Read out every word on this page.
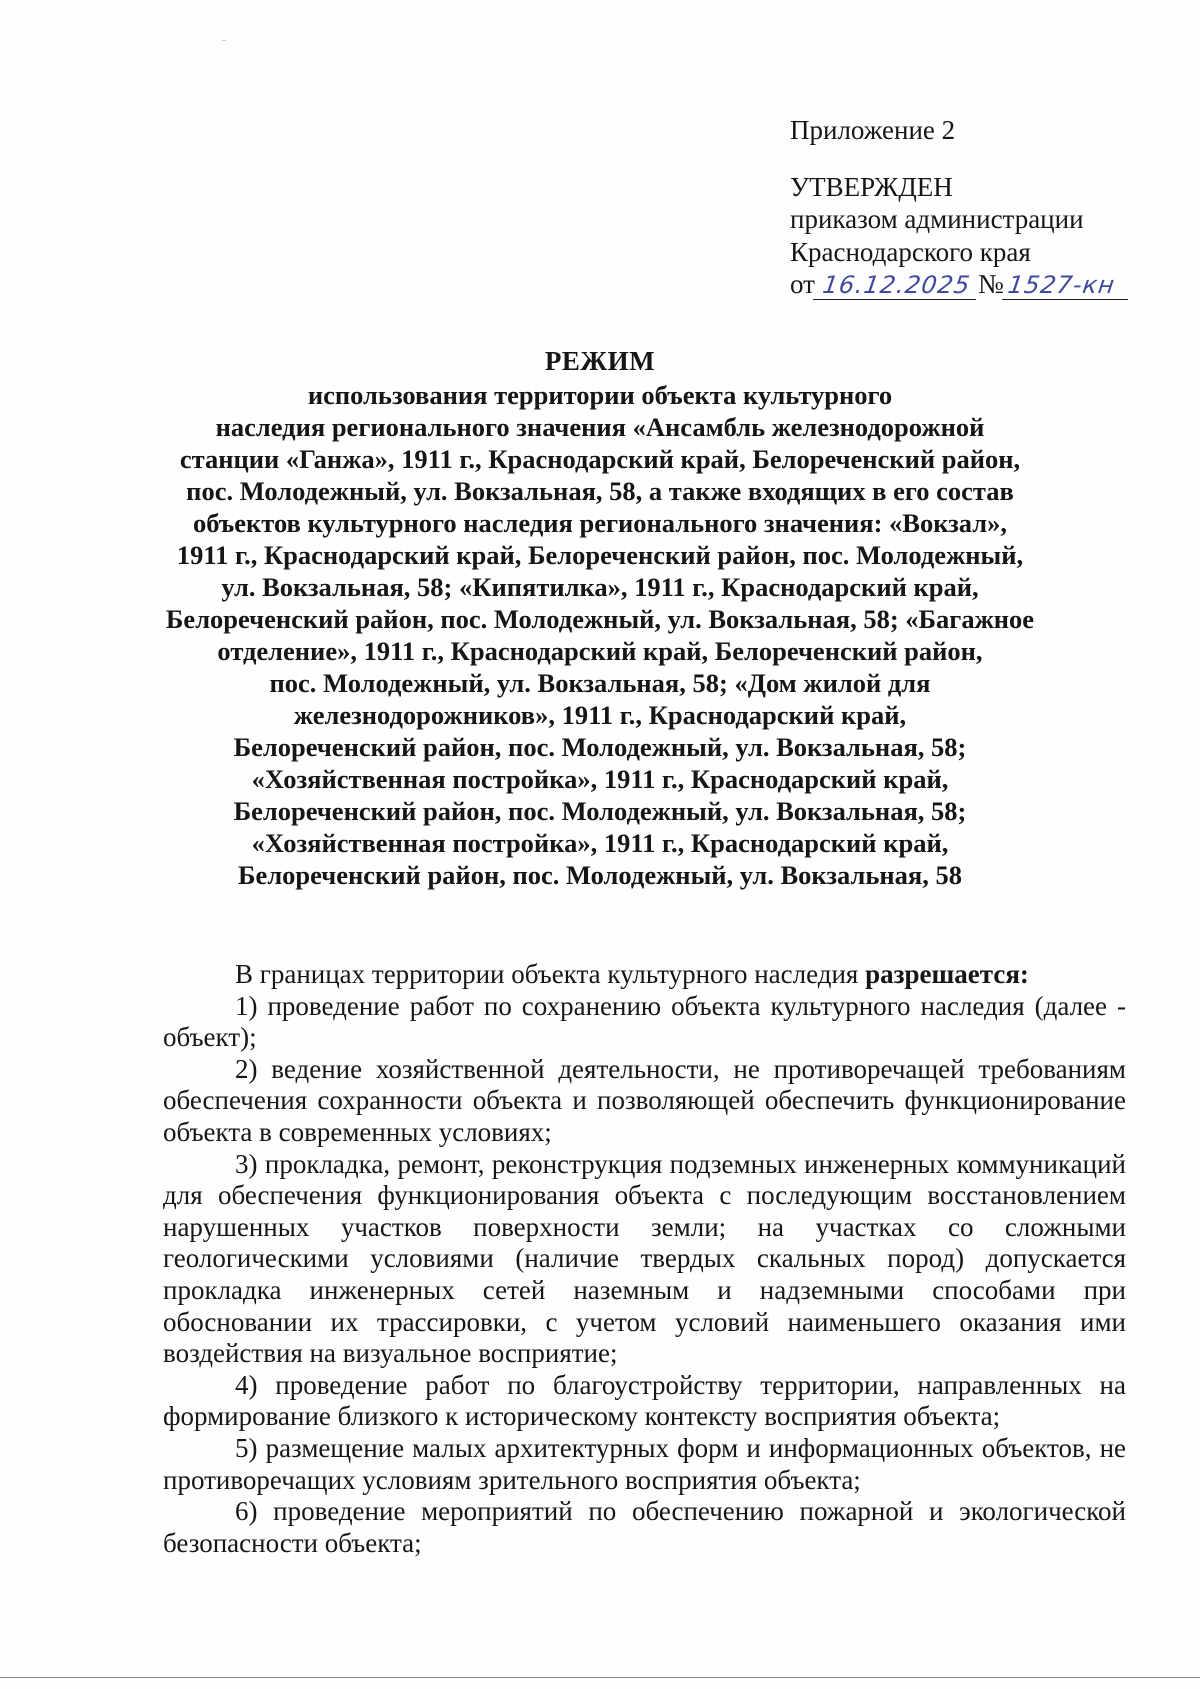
Приложение 2
УТВЕРЖДЕН
приказом администрации
Краснодарского края
от 16.12.2025 №1527-кн
РЕЖИМ
использования территории объекта культурного
наследия регионального значения «Ансамбль железнодорожной
станции «Ганжа», 1911 г., Краснодарский край, Белореченский район,
пос. Молодежный, ул. Вокзальная, 58, а также входящих в его состав
объектов культурного наследия регионального значения: «Вокзал»,
1911 г., Краснодарский край, Белореченский район, пос. Молодежный,
ул. Вокзальная, 58; «Кипятилка», 1911 г., Краснодарский край,
Белореченский район, пос. Молодежный, ул. Вокзальная, 58; «Багажное
отделение», 1911 г., Краснодарский край, Белореченский район,
пос. Молодежный, ул. Вокзальная, 58; «Дом жилой для
железнодорожников», 1911 г., Краснодарский край,
Белореченский район, пос. Молодежный, ул. Вокзальная, 58;
«Хозяйственная постройка», 1911 г., Краснодарский край,
Белореченский район, пос. Молодежный, ул. Вокзальная, 58;
«Хозяйственная постройка», 1911 г., Краснодарский край,
Белореченский район, пос. Молодежный, ул. Вокзальная, 58

В границах территории объекта культурного наследия разрешается:

1) проведение работ по сохранению объекта культурного наследия (далее - объект);

2) ведение хозяйственной деятельности, не противоречащей требованиям обеспечения сохранности объекта и позволяющей обеспечить функционирование объекта в современных условиях;

3) прокладка, ремонт, реконструкция подземных инженерных коммуникаций для обеспечения функционирования объекта с последующим восстановлением нарушенных участков поверхности земли; на участках со сложными геологическими условиями (наличие твердых скальных пород) допускается прокладка инженерных сетей наземным и надземными способами при обосновании их трассировки, с учетом условий наименьшего оказания ими воздействия на визуальное восприятие;

4) проведение работ по благоустройству территории, направленных на формирование близкого к историческому контексту восприятия объекта;

5) размещение малых архитектурных форм и информационных объектов, не противоречащих условиям зрительного восприятия объекта;

6) проведение мероприятий по обеспечению пожарной и экологической безопасности объекта;
